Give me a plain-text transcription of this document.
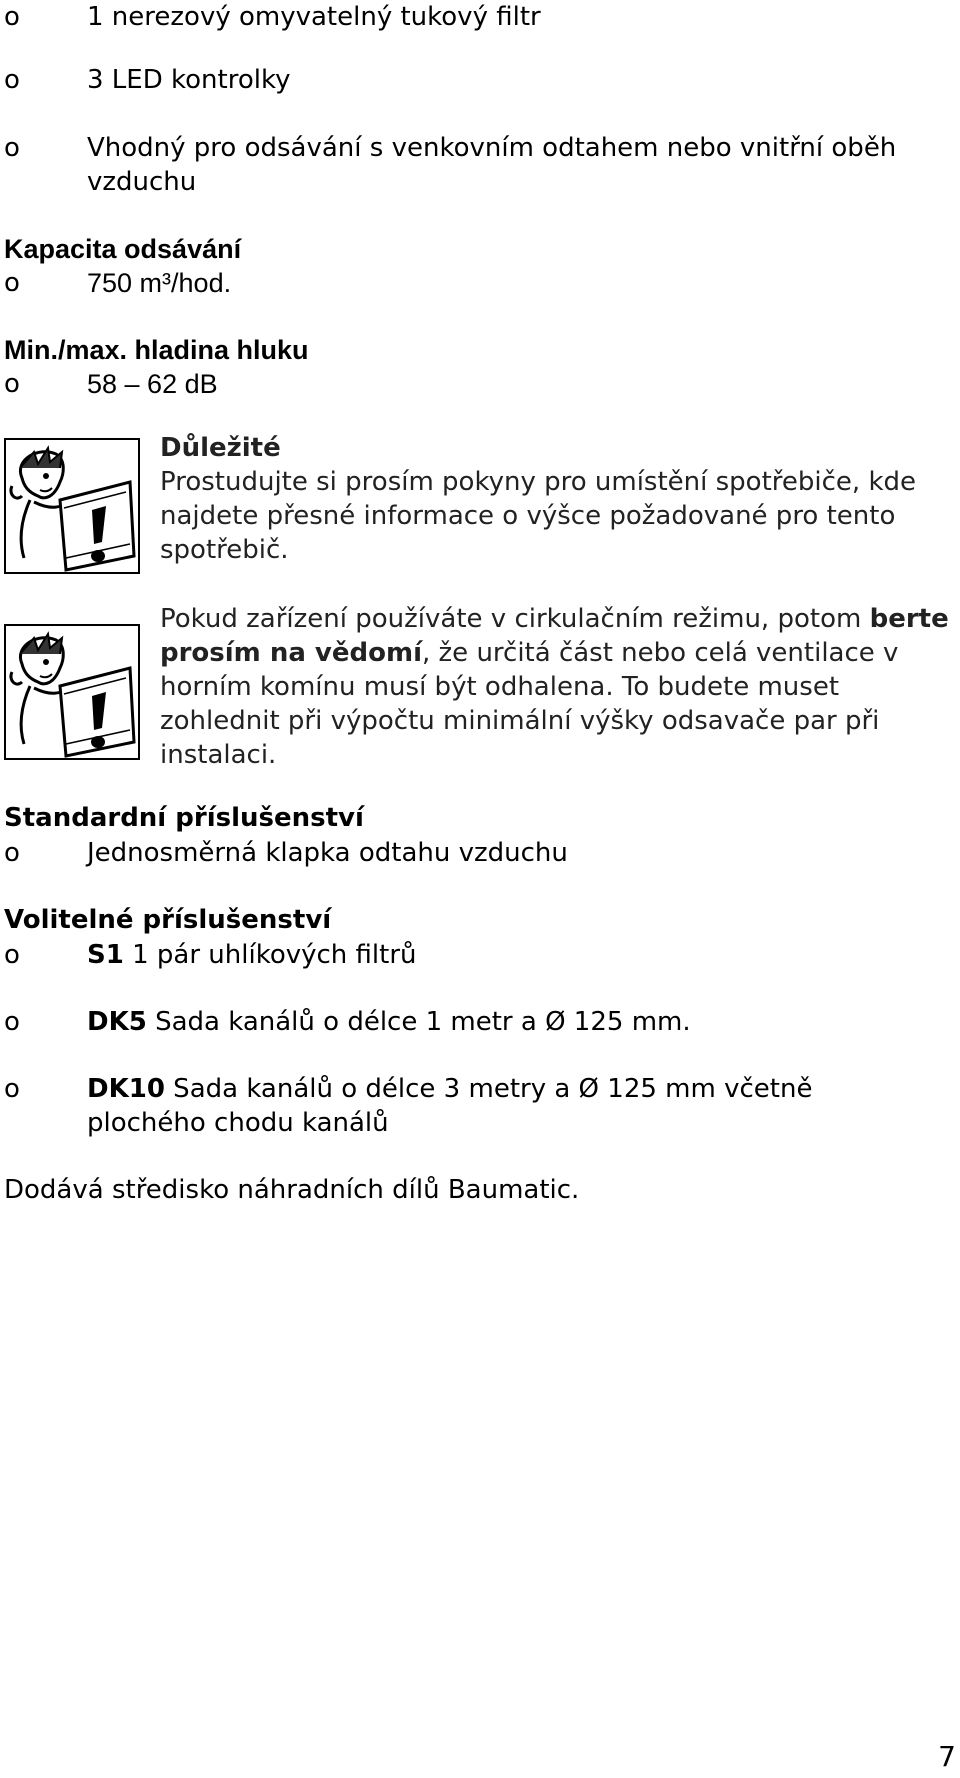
o	1 nerezový omyvatelný tukový filtr
o	3 LED kontrolky
o	Vhodný pro odsávání s venkovním odtahem nebo vnitřní oběh vzduchu
Kapacita odsávání
o	750 m³/hod.
Min./max. hladina hluku
o	58 – 62 dB
Důležité
Prostudujte si prosím pokyny pro umístění spotřebiče, kde najdete přesné informace o výšce požadované pro tento spotřebič.
Pokud zařízení používáte v cirkulačním režimu, potom berte prosím na vědomí, že určitá část nebo celá ventilace v horním komínu musí být odhalena. To budete muset zohlednit při výpočtu minimální výšky odsavače par při instalaci.
Standardní příslušenství
o	Jednosměrná klapka odtahu vzduchu
Volitelné příslušenství
o	S1 1 pár uhlíkových filtrů
o	DK5 Sada kanálů o délce 1 metr a Ø 125 mm.
o	DK10 Sada kanálů o délce 3 metry a Ø 125 mm včetně plochého chodu kanálů
Dodává středisko náhradních dílů Baumatic.
7
